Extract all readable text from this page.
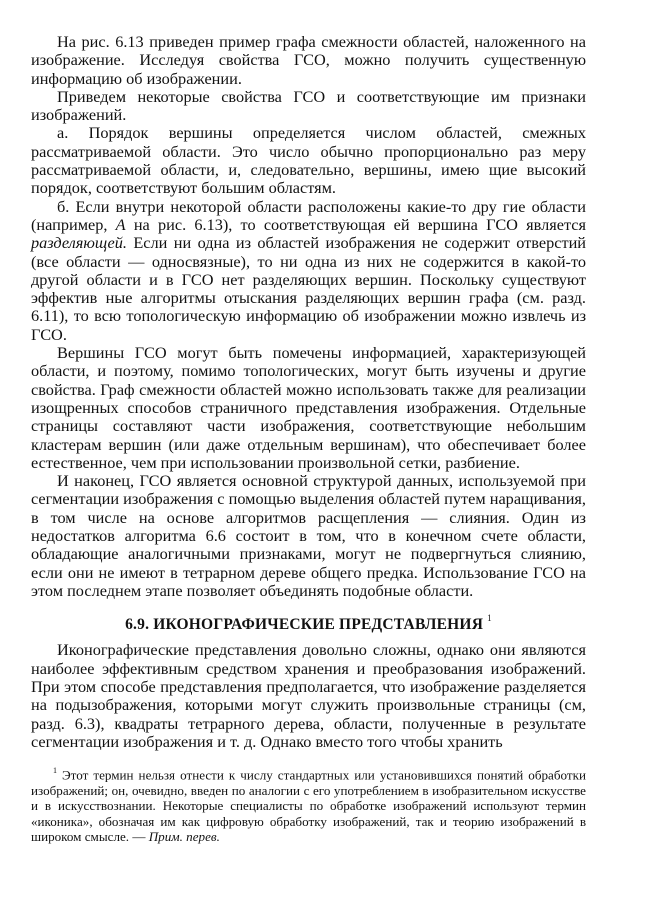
На рис. 6.13 приведен пример графа смежности областей, наложенного на изображение. Исследуя свойства ГСО, можно получить существенную информацию об изображении.

Приведем некоторые свойства ГСО и соответствующие им признаки изображений.

а. Порядок вершины определяется числом областей, смежных рассматриваемой области. Это число обычно пропорционально раз меру рассматриваемой области, и, следовательно, вершины, имею щие высокий порядок, соответствуют большим областям.

б. Если внутри некоторой области расположены какие-то дру гие области (например, A на рис. 6.13), то соответствующая ей вершина ГСО является разделяющей. Если ни одна из областей изображения не содержит отверстий (все области — односвязные), то ни одна из них не содержится в какой-то другой области и в ГСО нет разделяющих вершин. Поскольку существуют эффектив ные алгоритмы отыскания разделяющих вершин графа (см. разд. 6.11), то всю топологическую информацию об изображении можно извлечь из ГСО.

Вершины ГСО могут быть помечены информацией, характеризующей области, и поэтому, помимо топологических, могут быть изучены и другие свойства. Граф смежности областей можно использовать также для реализации изощренных способов страничного представления изображения. Отдельные страницы составляют части изображения, соответствующие небольшим кластерам вершин (или даже отдельным вершинам), что обеспечивает более естественное, чем при использовании произвольной сетки, разбиение.

И наконец, ГСО является основной структурой данных, используемой при сегментации изображения с помощью выделения областей путем наращивания, в том числе на основе алгоритмов расщепления — слияния. Один из недостатков алгоритма 6.6 состоит в том, что в конечном счете области, обладающие аналогичными признаками, могут не подвергнуться слиянию, если они не имеют в тетрарном дереве общего предка. Использование ГСО на этом последнем этапе позволяет объединять подобные области.

6.9. ИКОНОГРАФИЧЕСКИЕ ПРЕДСТАВЛЕНИЯ $^1$

Иконографические представления довольно сложны, однако они являются наиболее эффективным средством хранения и преобразования изображений. При этом способе представления предполагается, что изображение разделяется на подызображения, которыми могут служить произвольные страницы (см, разд. 6.3), квадраты тетрарного дерева, области, полученные в результате сегментации изображения и т. д. Однако вместо того чтобы хранить

$^1$ Этот термин нельзя отнести к числу стандартных или установившихся понятий обработки изображений; он, очевидно, введен по аналогии с его употреблением в изобразительном искусстве и в искусствознании. Некоторые специалисты по обработке изображений используют термин «иконика», обозначая им как цифровую обработку изображений, так и теорию изображений в широком смысле. — Прим. перев.
